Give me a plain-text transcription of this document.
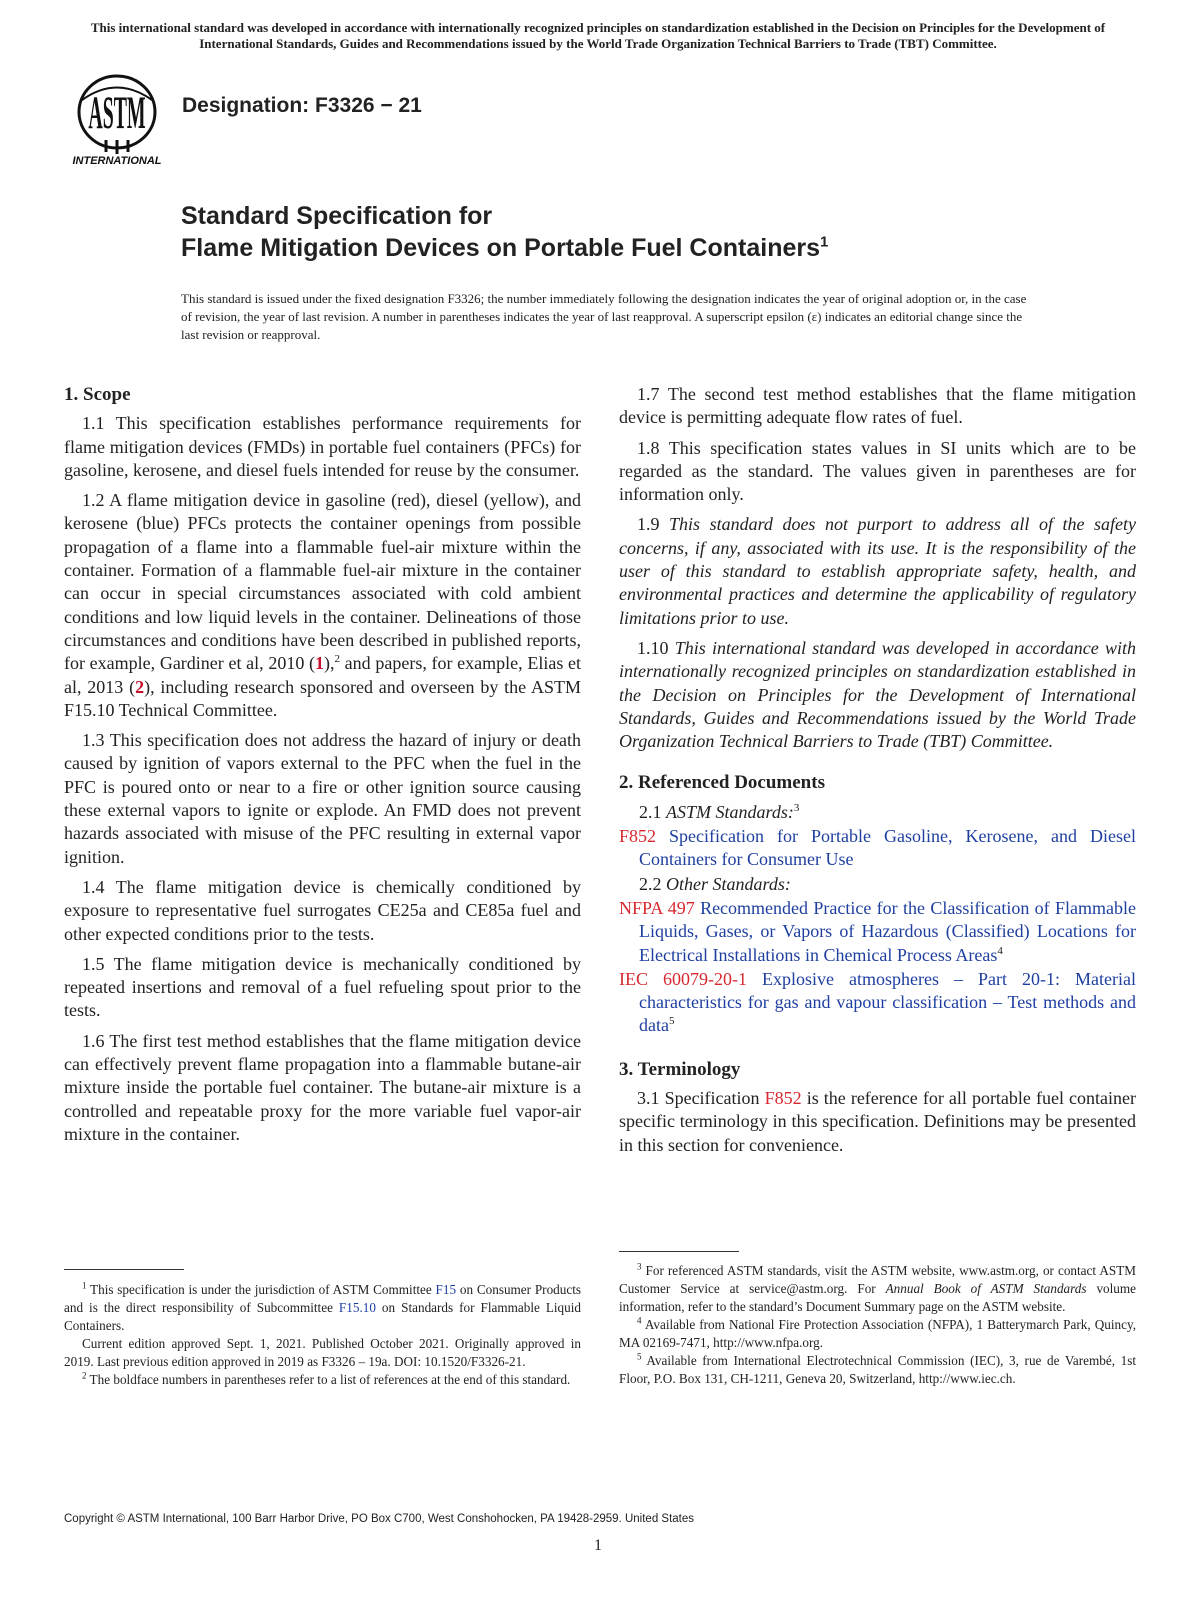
This international standard was developed in accordance with internationally recognized principles on standardization established in the Decision on Principles for the Development of International Standards, Guides and Recommendations issued by the World Trade Organization Technical Barriers to Trade (TBT) Committee.
ASTM
INTERNATIONAL
Designation: F3326 − 21
Standard Specification for
Flame Mitigation Devices on Portable Fuel Containers$^1$
This standard is issued under the fixed designation F3326; the number immediately following the designation indicates the year of original adoption or, in the case of revision, the year of last revision. A number in parentheses indicates the year of last reapproval. A superscript epsilon (ε) indicates an editorial change since the last revision or reapproval.

1. Scope

1.1 This specification establishes performance requirements for flame mitigation devices (FMDs) in portable fuel containers (PFCs) for gasoline, kerosene, and diesel fuels intended for reuse by the consumer.

1.2 A flame mitigation device in gasoline (red), diesel (yellow), and kerosene (blue) PFCs protects the container openings from possible propagation of a flame into a flammable fuel-air mixture within the container. Formation of a flammable fuel-air mixture in the container can occur in special circumstances associated with cold ambient conditions and low liquid levels in the container. Delineations of those circumstances and conditions have been described in published reports, for example, Gardiner et al, 2010 (1),$^2$ and papers, for example, Elias et al, 2013 (2), including research sponsored and overseen by the ASTM F15.10 Technical Committee.

1.3 This specification does not address the hazard of injury or death caused by ignition of vapors external to the PFC when the fuel in the PFC is poured onto or near to a fire or other ignition source causing these external vapors to ignite or explode. An FMD does not prevent hazards associated with misuse of the PFC resulting in external vapor ignition.

1.4 The flame mitigation device is chemically conditioned by exposure to representative fuel surrogates CE25a and CE85a fuel and other expected conditions prior to the tests.

1.5 The flame mitigation device is mechanically conditioned by repeated insertions and removal of a fuel refueling spout prior to the tests.

1.6 The first test method establishes that the flame mitigation device can effectively prevent flame propagation into a flammable butane-air mixture inside the portable fuel container. The butane-air mixture is a controlled and repeatable proxy for the more variable fuel vapor-air mixture in the container.

1.7 The second test method establishes that the flame mitigation device is permitting adequate flow rates of fuel.

1.8 This specification states values in SI units which are to be regarded as the standard. The values given in parentheses are for information only.

1.9 This standard does not purport to address all of the safety concerns, if any, associated with its use. It is the responsibility of the user of this standard to establish appropriate safety, health, and environmental practices and determine the applicability of regulatory limitations prior to use.

1.10 This international standard was developed in accordance with internationally recognized principles on standardization established in the Decision on Principles for the Development of International Standards, Guides and Recommendations issued by the World Trade Organization Technical Barriers to Trade (TBT) Committee.

2. Referenced Documents

2.1 ASTM Standards:$^3$

F852 Specification for Portable Gasoline, Kerosene, and Diesel Containers for Consumer Use

2.2 Other Standards:

NFPA 497 Recommended Practice for the Classification of Flammable Liquids, Gases, or Vapors of Hazardous (Classified) Locations for Electrical Installations in Chemical Process Areas$^4$

IEC 60079-20-1 Explosive atmospheres – Part 20-1: Material characteristics for gas and vapour classification – Test methods and data$^5$

3. Terminology

3.1 Specification F852 is the reference for all portable fuel container specific terminology in this specification. Definitions may be presented in this section for convenience.

$^1$ This specification is under the jurisdiction of ASTM Committee F15 on Consumer Products and is the direct responsibility of Subcommittee F15.10 on Standards for Flammable Liquid Containers.

Current edition approved Sept. 1, 2021. Published October 2021. Originally approved in 2019. Last previous edition approved in 2019 as F3326 – 19a. DOI: 10.1520/F3326-21.

$^2$ The boldface numbers in parentheses refer to a list of references at the end of this standard.

$^3$ For referenced ASTM standards, visit the ASTM website, www.astm.org, or contact ASTM Customer Service at service@astm.org. For Annual Book of ASTM Standards volume information, refer to the standard’s Document Summary page on the ASTM website.

$^4$ Available from National Fire Protection Association (NFPA), 1 Batterymarch Park, Quincy, MA 02169-7471, http://www.nfpa.org.

$^5$ Available from International Electrotechnical Commission (IEC), 3, rue de Varembé, 1st Floor, P.O. Box 131, CH-1211, Geneva 20, Switzerland, http://www.iec.ch.

Copyright © ASTM International, 100 Barr Harbor Drive, PO Box C700, West Conshohocken, PA 19428-2959. United States
1
